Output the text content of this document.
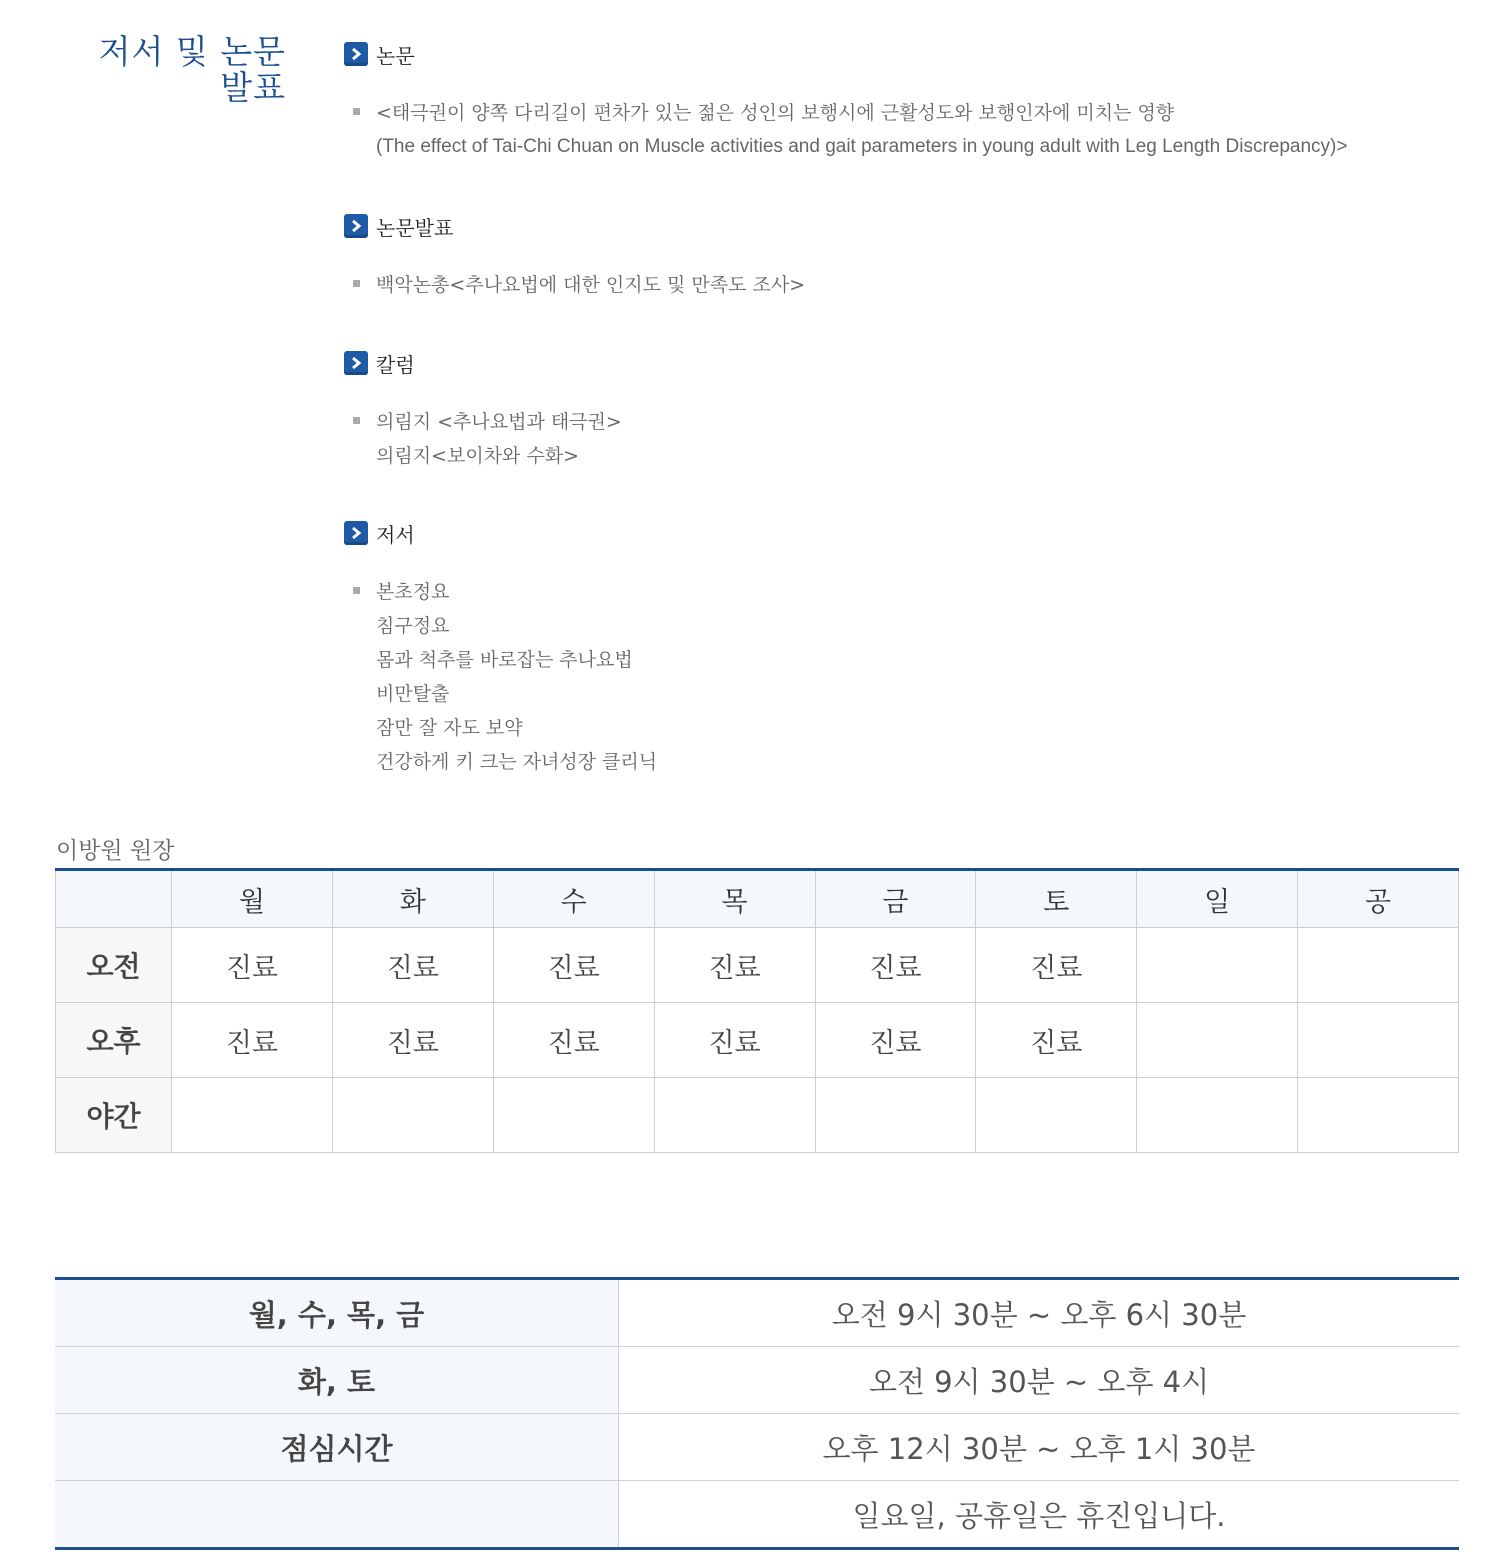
저서 및 논문
발표
논문
<태극권이 양쪽 다리길이 편차가 있는 젊은 성인의 보행시에 근활성도와 보행인자에 미치는 영향
(The effect of Tai-Chi Chuan on Muscle activities and gait parameters in young adult with Leg Length Discrepancy)>
논문발표
백악논총<추나요법에 대한 인지도 및 만족도 조사>
칼럼
의림지 <추나요법과 태극권>
의림지<보이차와 수화>
저서
본초정요
침구정요
몸과 척추를 바로잡는 추나요법
비만탈출
잠만 잘 자도 보약
건강하게 키 크는 자녀성장 클리닉
이방원 원장
	월	화	수	목	금	토	일	공
오전	진료	진료	진료	진료	진료	진료		
오후	진료	진료	진료	진료	진료	진료		
야간								
월, 수, 목, 금	오전 9시 30분 ~ 오후 6시 30분
화, 토	오전 9시 30분 ~ 오후 4시
점심시간	오후 12시 30분 ~ 오후 1시 30분
	일요일, 공휴일은 휴진입니다.
